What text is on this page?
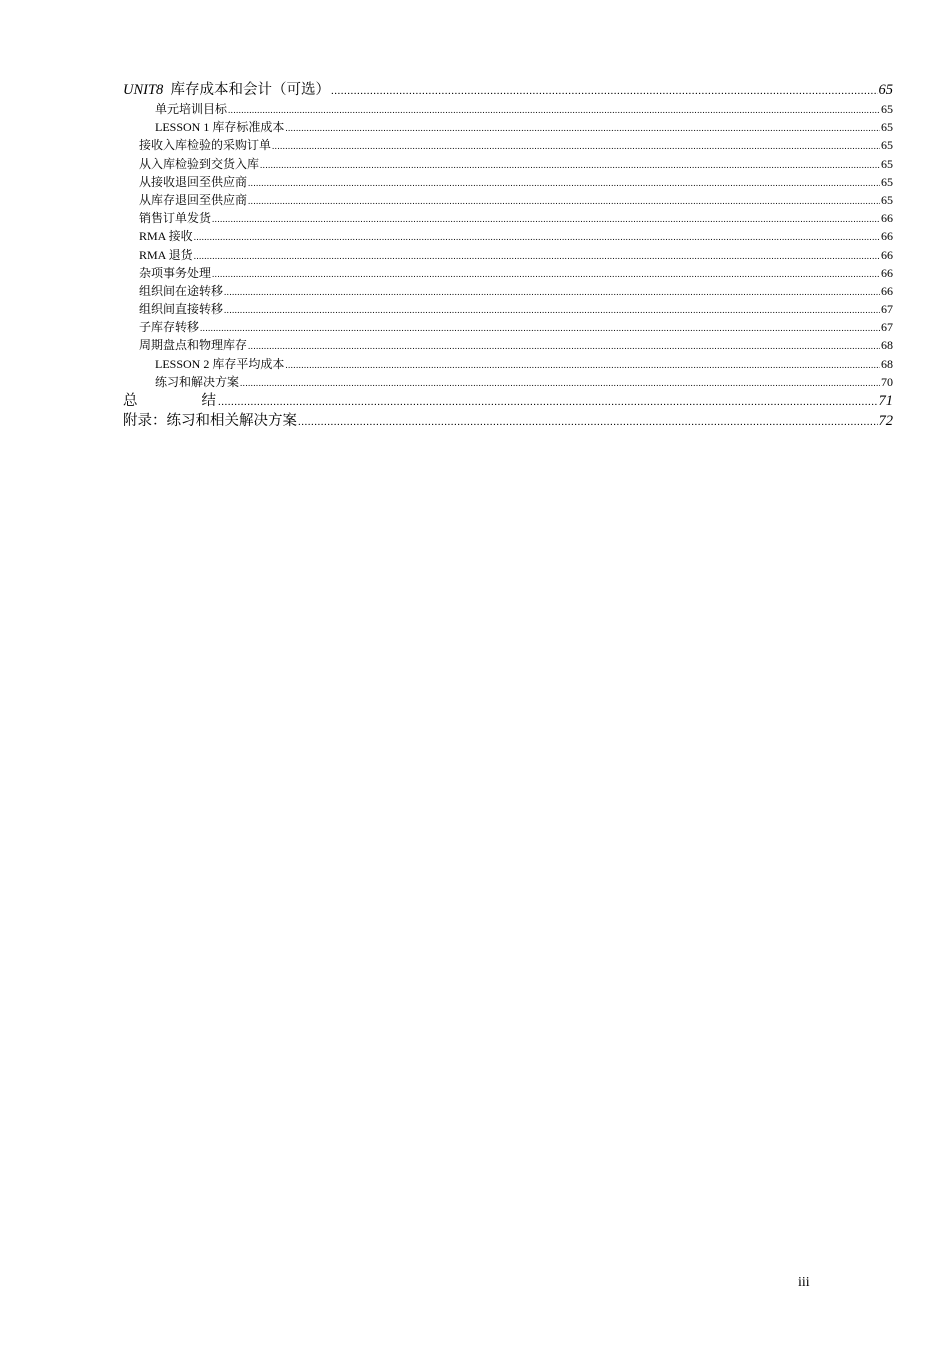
UNIT8 库存成本和会计（可选） .....	65
单元培训目标 .....	65
LESSON 1 库存标准成本 .....	65
接收入库检验的采购订单 .....	65
从入库检验到交货入库 .....	65
从接收退回至供应商 .....	65
从库存退回至供应商 .....	65
销售订单发货 .....	66
RMA 接收 .....	66
RMA 退货 .....	66
杂项事务处理 .....	66
组织间在途转移 .....	66
组织间直接转移 .....	67
子库存转移 .....	67
周期盘点和物理库存 .....	68
LESSON 2 库存平均成本 .....	68
练习和解决方案 .....	70
总结 .....	71
附录：练习和相关解决方案 .....	72
iii
